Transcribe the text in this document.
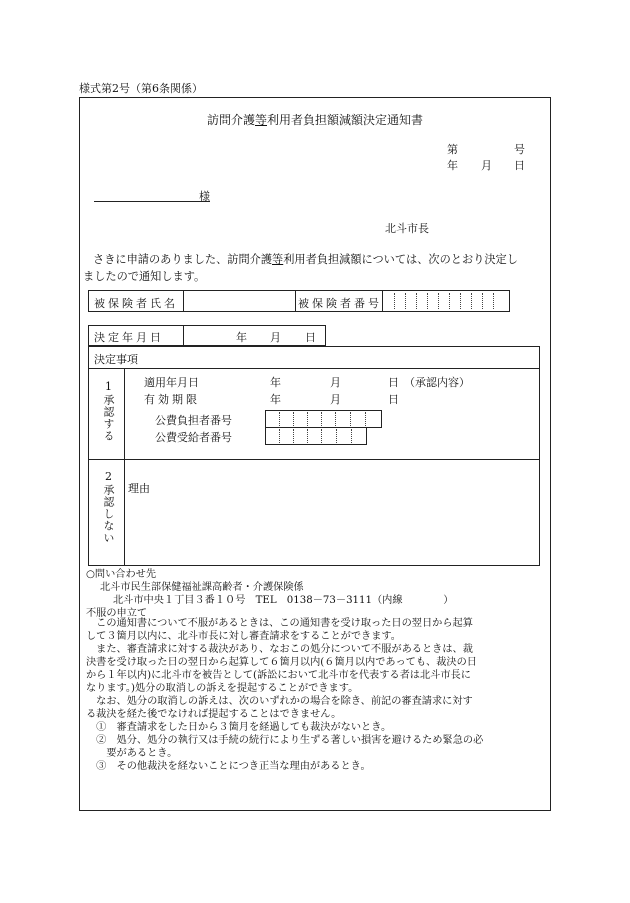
様式第2号（第6条関係）
訪問介護等利用者負担額減額決定通知書
第	号
年 月 日
様
北斗市長
さきに申請のありました、訪問介護等利用者負担減額については、次のとおり決定し
ましたので通知します。
被保険者氏名	被保険者番号
決定年月日	年 月 日
決定事項
1承認する	適用年月日	年	月	日 （承認内容）
有効期限	年	月	日
公費負担者番号
公費受給者番号
2承認しない 理由
○問い合わせ先
北斗市民生部保健福祉課高齢者・介護保険係
北斗市中央１丁目３番１０号　TEL　0138－73－3111（内線　　　　）
不服の申立て

　この通知書について不服があるときは、この通知書を受け取った日の翌日から起算

して３箇月以内に、北斗市長に対し審査請求をすることができます。

　また、審査請求に対する裁決があり、なおこの処分について不服があるときは、裁

決書を受け取った日の翌日から起算して６箇月以内(６箇月以内であっても、裁決の日

から１年以内)に北斗市を被告として(訴訟において北斗市を代表する者は北斗市長に

なります。)処分の取消しの訴えを提起することができます。

　なお、処分の取消しの訴えは、次のいずれかの場合を除き、前記の審査請求に対す

る裁決を経た後でなければ提起することはできません。

　①　審査請求をした日から３箇月を経過しても裁決がないとき。

　②　処分、処分の執行又は手続の続行により生ずる著しい損害を避けるため緊急の必

　　要があるとき。

　③　その他裁決を経ないことにつき正当な理由があるとき。
